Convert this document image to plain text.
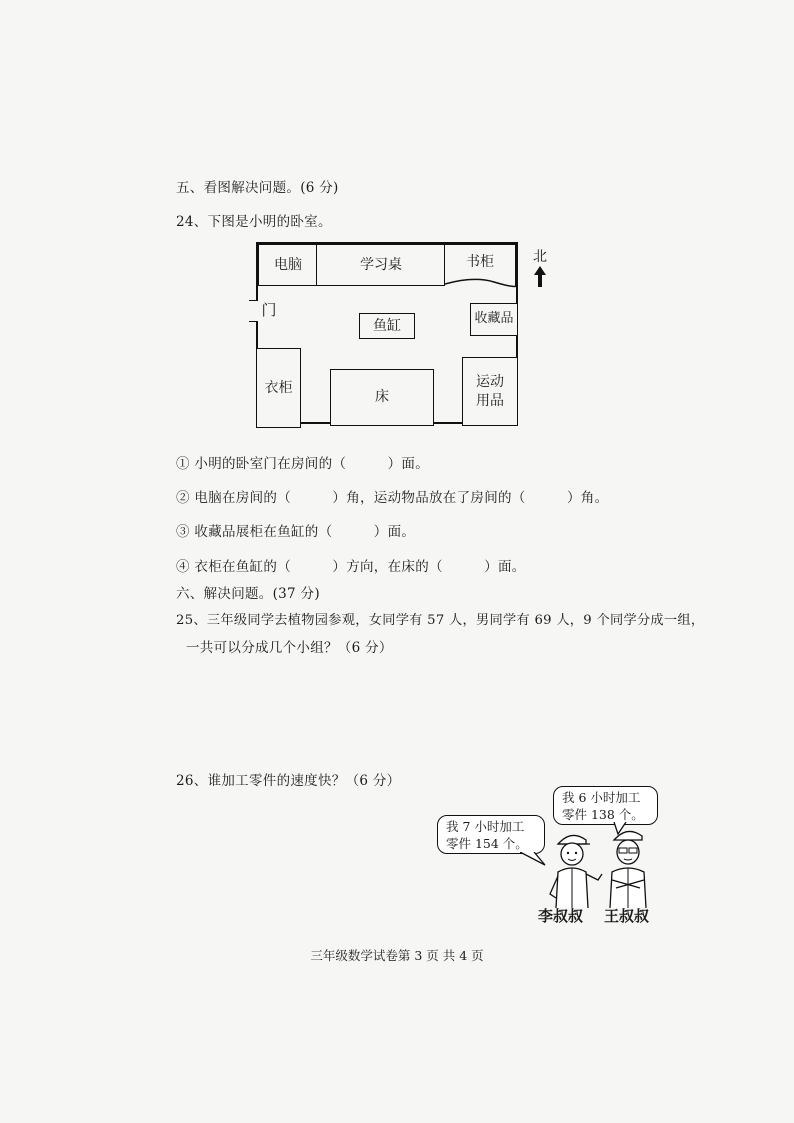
五、看图解决问题。(6 分)
24、下图是小明的卧室。
电脑	学习桌	书柜
门
鱼缸	收藏品
衣柜
床
运动
用品
北
① 小明的卧室门在房间的（　　　）面。
② 电脑在房间的（　　　）角，运动物品放在了房间的（　　　）角。
③ 收藏品展柜在鱼缸的（　　　）面。
④ 衣柜在鱼缸的（　　　）方向，在床的（　　　）面。
六、解决问题。(37 分)
25、三年级同学去植物园参观，女同学有 57 人，男同学有 69 人，9 个同学分成一组，
一共可以分成几个小组？（6 分）
26、谁加工零件的速度快？（6 分）
我 7 小时加工
零件 154 个。
我 6 小时加工
零件 138 个。
李叔叔 王叔叔
三年级数学试卷第 3 页 共 4 页
